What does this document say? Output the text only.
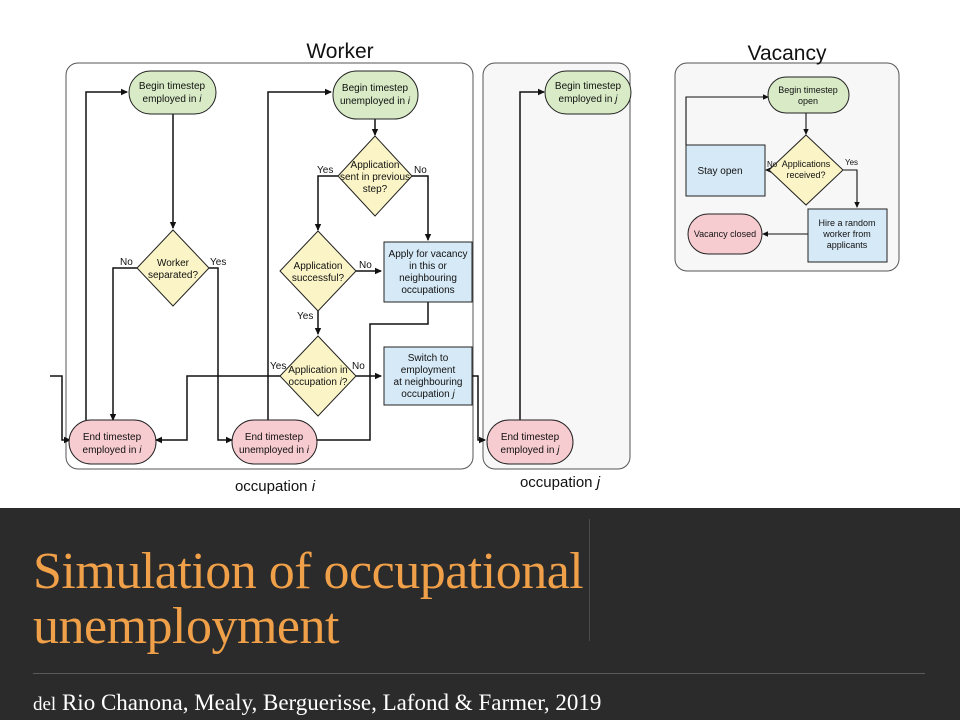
Worker	Vacancy
occupation i	occupation j
Begin timestep employed in i
Begin timestep unemployed in i
Begin timestep employed in j
Worker separated?
Application sent in previous step?
Application successful?
Apply for vacancy in this or neighbouring occupations
Application in occupation i?
Switch to employment at neighbouring occupation j
End timestep employed in i
End timestep unemployed in i
End timestep employed in j
Begin timestep open
Applications received?
Stay open
Hire a random worker from applicants
Vacancy closed
No	Yes
Yes	No
No
Yes
Yes	No
No	Yes
Simulation of occupational
unemployment

del Rio Chanona, Mealy, Berguerisse, Lafond & Farmer, 2019
